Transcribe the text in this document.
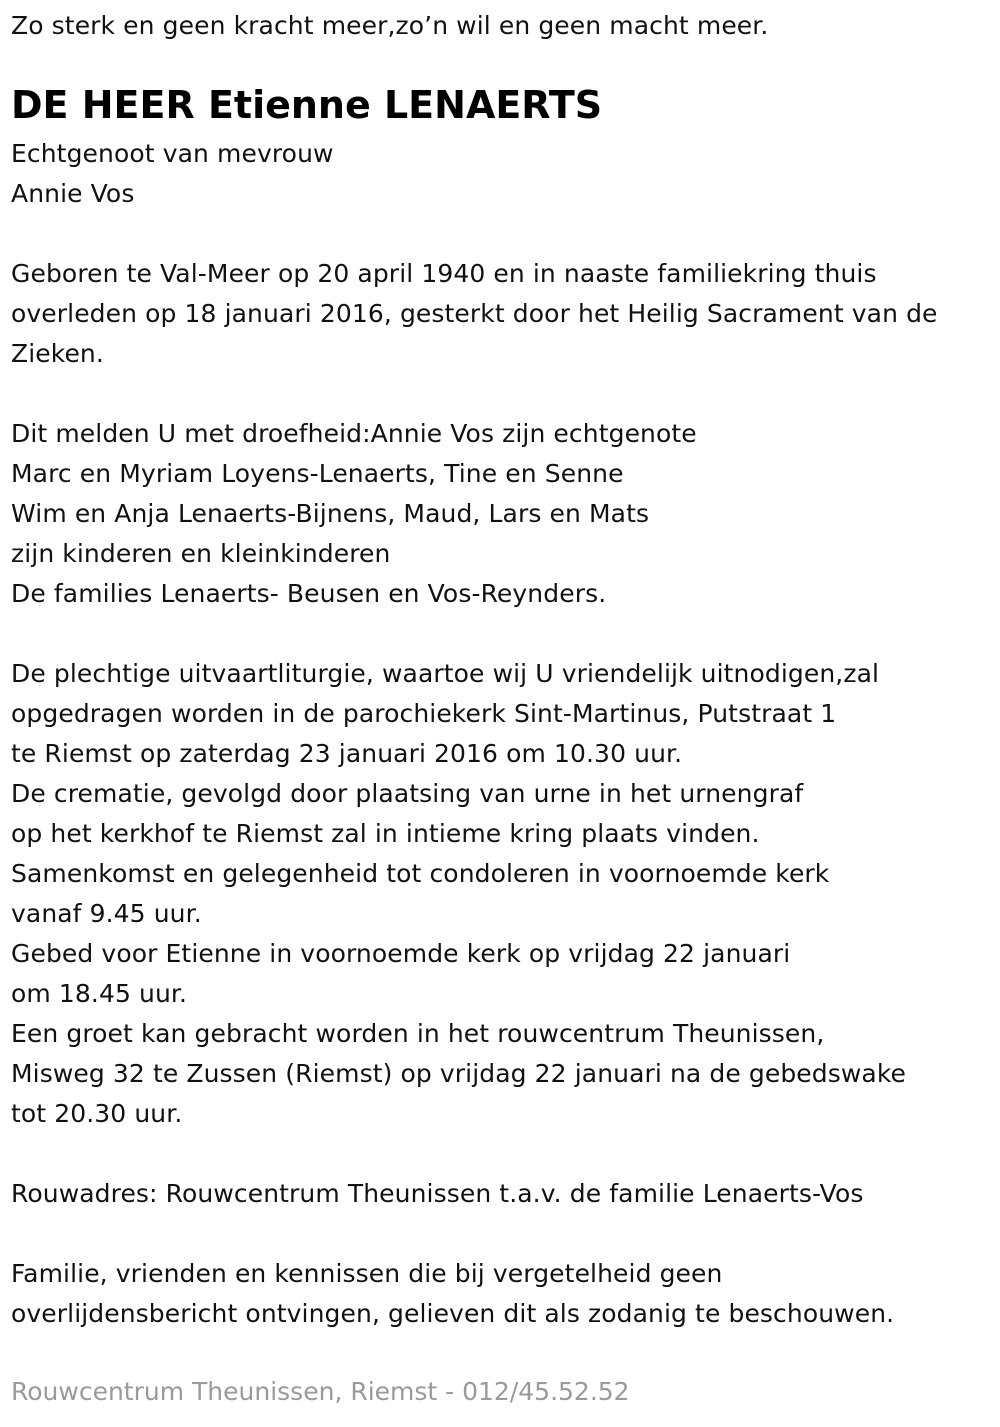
Zo sterk en geen kracht meer,zo’n wil en geen macht meer.
DE HEER Etienne LENAERTS
Echtgenoot van mevrouw
Annie Vos
Geboren te Val-Meer op 20 april 1940 en in naaste familiekring thuis
overleden op 18 januari 2016, gesterkt door het Heilig Sacrament van de
Zieken.
Dit melden U met droefheid:Annie Vos zijn echtgenote
Marc en Myriam Loyens-Lenaerts, Tine en Senne
Wim en Anja Lenaerts-Bijnens, Maud, Lars en Mats
zijn kinderen en kleinkinderen
De families Lenaerts- Beusen en Vos-Reynders.
De plechtige uitvaartliturgie, waartoe wij U vriendelijk uitnodigen,zal
opgedragen worden in de parochiekerk Sint-Martinus, Putstraat 1
te Riemst op zaterdag 23 januari 2016 om 10.30 uur.
De crematie, gevolgd door plaatsing van urne in het urnengraf
op het kerkhof te Riemst zal in intieme kring plaats vinden.
Samenkomst en gelegenheid tot condoleren in voornoemde kerk
vanaf 9.45 uur.
Gebed voor Etienne in voornoemde kerk op vrijdag 22 januari
om 18.45 uur.
Een groet kan gebracht worden in het rouwcentrum Theunissen,
Misweg 32 te Zussen (Riemst) op vrijdag 22 januari na de gebedswake
tot 20.30 uur.
Rouwadres: Rouwcentrum Theunissen t.a.v. de familie Lenaerts-Vos
Familie, vrienden en kennissen die bij vergetelheid geen
overlijdensbericht ontvingen, gelieven dit als zodanig te beschouwen.
Rouwcentrum Theunissen, Riemst - 012/45.52.52
